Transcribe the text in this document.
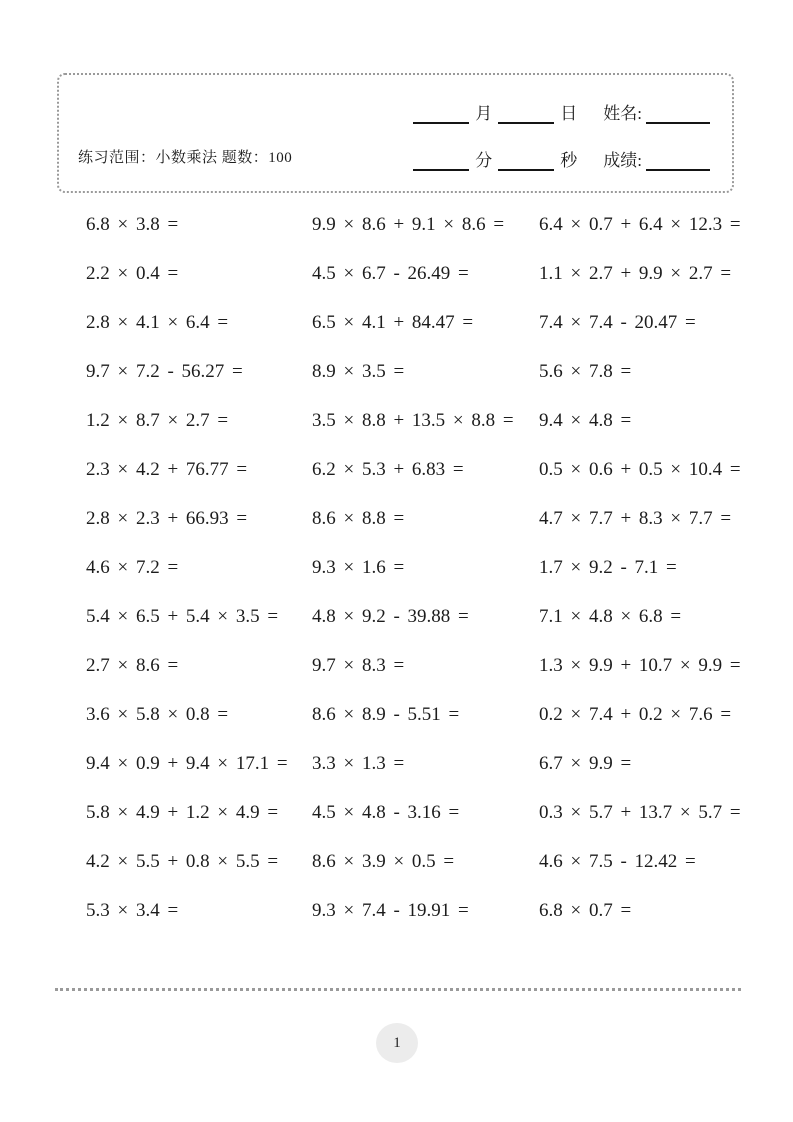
练习范围：小数乘法 题数：100
月	日 姓名:
分	秒 成绩:
6.8 × 3.8 =
2.2 × 0.4 =
2.8 × 4.1 × 6.4 =
9.7 × 7.2 - 56.27 =
1.2 × 8.7 × 2.7 =
2.3 × 4.2 + 76.77 =
2.8 × 2.3 + 66.93 =
4.6 × 7.2 =
5.4 × 6.5 + 5.4 × 3.5 =
2.7 × 8.6 =
3.6 × 5.8 × 0.8 =
9.4 × 0.9 + 9.4 × 17.1 =
5.8 × 4.9 + 1.2 × 4.9 =
4.2 × 5.5 + 0.8 × 5.5 =
5.3 × 3.4 =
9.9 × 8.6 + 9.1 × 8.6 =
4.5 × 6.7 - 26.49 =
6.5 × 4.1 + 84.47 =
8.9 × 3.5 =
3.5 × 8.8 + 13.5 × 8.8 =
6.2 × 5.3 + 6.83 =
8.6 × 8.8 =
9.3 × 1.6 =
4.8 × 9.2 - 39.88 =
9.7 × 8.3 =
8.6 × 8.9 - 5.51 =
3.3 × 1.3 =
4.5 × 4.8 - 3.16 =
8.6 × 3.9 × 0.5 =
9.3 × 7.4 - 19.91 =
6.4 × 0.7 + 6.4 × 12.3 =
1.1 × 2.7 + 9.9 × 2.7 =
7.4 × 7.4 - 20.47 =
5.6 × 7.8 =
9.4 × 4.8 =
0.5 × 0.6 + 0.5 × 10.4 =
4.7 × 7.7 + 8.3 × 7.7 =
1.7 × 9.2 - 7.1 =
7.1 × 4.8 × 6.8 =
1.3 × 9.9 + 10.7 × 9.9 =
0.2 × 7.4 + 0.2 × 7.6 =
6.7 × 9.9 =
0.3 × 5.7 + 13.7 × 5.7 =
4.6 × 7.5 - 12.42 =
6.8 × 0.7 =
1
